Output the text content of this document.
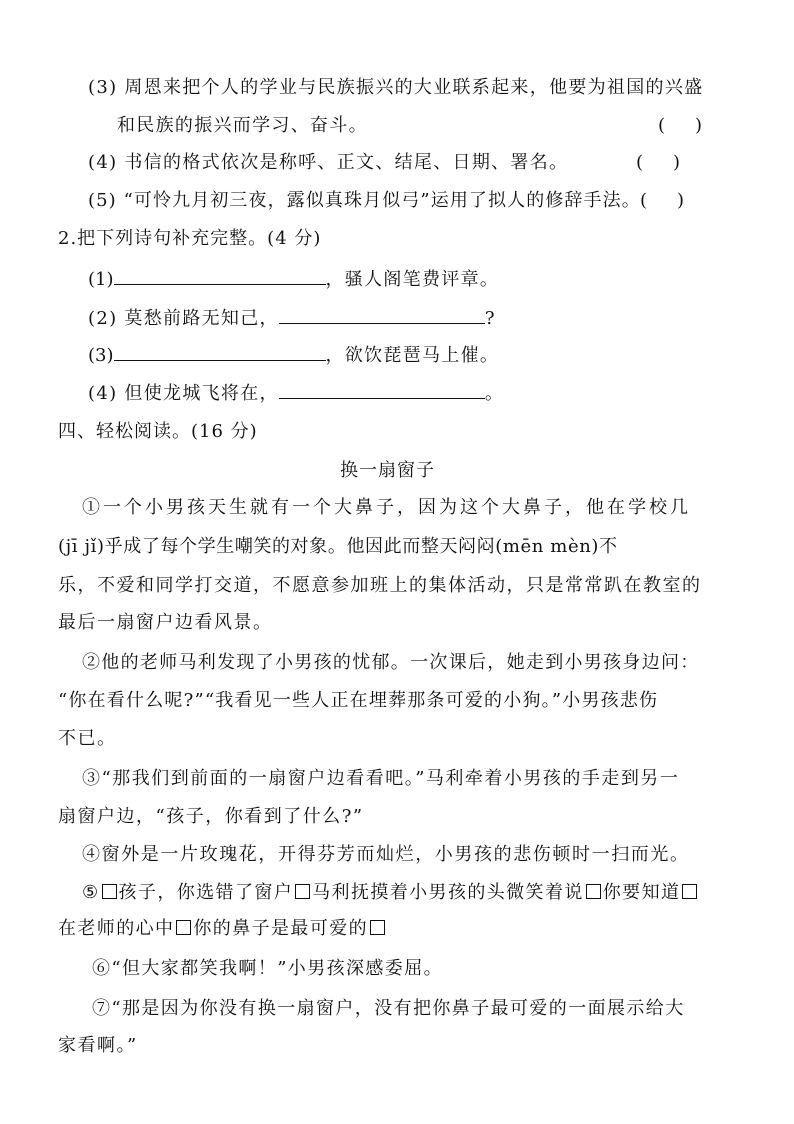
(3) 周恩来把个人的学业与民族振兴的大业联系起来，他要为祖国的兴盛
和民族的振兴而学习、奋斗。	( )
(4) 书信的格式依次是称呼、正文、结尾、日期、署名。	( )
(5) “可怜九月初三夜，露似真珠月似弓”运用了拟人的修辞手法。 ( )
2.把下列诗句补充完整。(4 分)
(1)	，骚人阁笔费评章。
(2) 莫愁前路无知己，	?
(3)	，欲饮琵琶马上催。
(4) 但使龙城飞将在，	。
四、轻松阅读。(16 分)
换一扇窗子
①一个小男孩天生就有一个大鼻子，因为这个大鼻子，他在学校几
(jī jǐ)乎成了每个学生嘲笑的对象。他因此而整天闷闷(mēn mèn)不
乐，不爱和同学打交道，不愿意参加班上的集体活动，只是常常趴在教室的
最后一扇窗户边看风景。
②他的老师马利发现了小男孩的忧郁。一次课后，她走到小男孩身边问：
“你在看什么呢?”“我看见一些人正在埋葬那条可爱的小狗。”小男孩悲伤
不已。
③“那我们到前面的一扇窗户边看看吧。”马利牵着小男孩的手走到另一
扇窗户边，“孩子，你看到了什么?”
④窗外是一片玫瑰花，开得芬芳而灿烂，小男孩的悲伤顿时一扫而光。
⑤ 孩子，你选错了窗户 马利抚摸着小男孩的头微笑着说 你要知道
在老师的心中 你的鼻子是最可爱的
⑥“但大家都笑我啊！”小男孩深感委屈。
⑦“那是因为你没有换一扇窗户，没有把你鼻子最可爱的一面展示给大
家看啊。”
